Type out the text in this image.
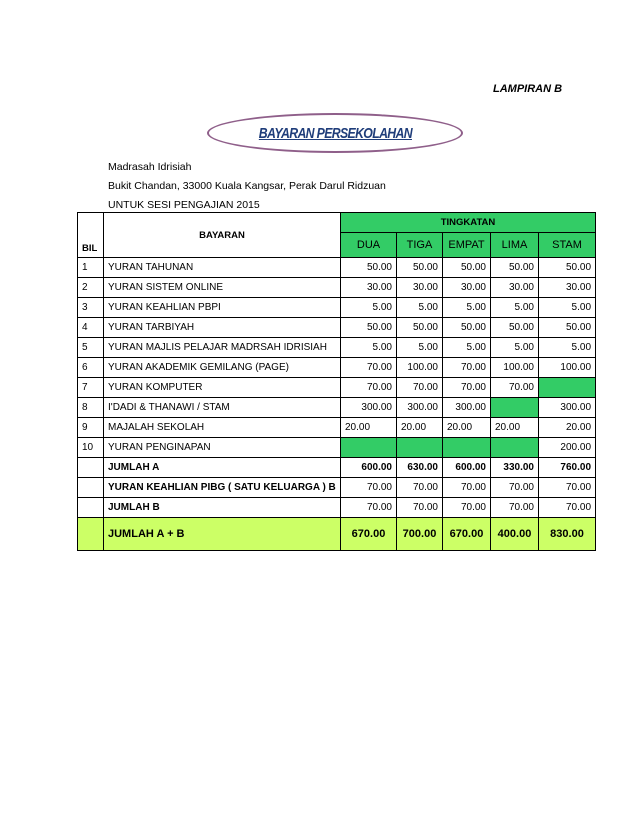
LAMPIRAN B
BAYARAN PERSEKOLAHAN
Madrasah Idrisiah
Bukit Chandan, 33000 Kuala Kangsar, Perak Darul Ridzuan
UNTUK SESI PENGAJIAN 2015
BIL	BAYARAN	TINGKATAN				
		DUA	TIGA	EMPAT	LIMA	STAM
1	YURAN TAHUNAN	50.00	50.00	50.00	50.00	50.00
2	YURAN SISTEM ONLINE	30.00	30.00	30.00	30.00	30.00
3	YURAN KEAHLIAN PBPI	5.00	5.00	5.00	5.00	5.00
4	YURAN TARBIYAH	50.00	50.00	50.00	50.00	50.00
5	YURAN MAJLIS PELAJAR MADRSAH IDRISIAH	5.00	5.00	5.00	5.00	5.00
6	YURAN AKADEMIK GEMILANG (PAGE)	70.00	100.00	70.00	100.00	100.00
7	YURAN KOMPUTER	70.00	70.00	70.00	70.00	
8	I'DADI & THANAWI / STAM	300.00	300.00	300.00		300.00
9	MAJALAH SEKOLAH	20.00	20.00	20.00	20.00	20.00
10	YURAN PENGINAPAN					200.00
	JUMLAH A	600.00	630.00	600.00	330.00	760.00
	YURAN KEAHLIAN PIBG ( SATU KELUARGA ) B	70.00	70.00	70.00	70.00	70.00
	JUMLAH B	70.00	70.00	70.00	70.00	70.00
	JUMLAH A + B	670.00	700.00	670.00	400.00	830.00
